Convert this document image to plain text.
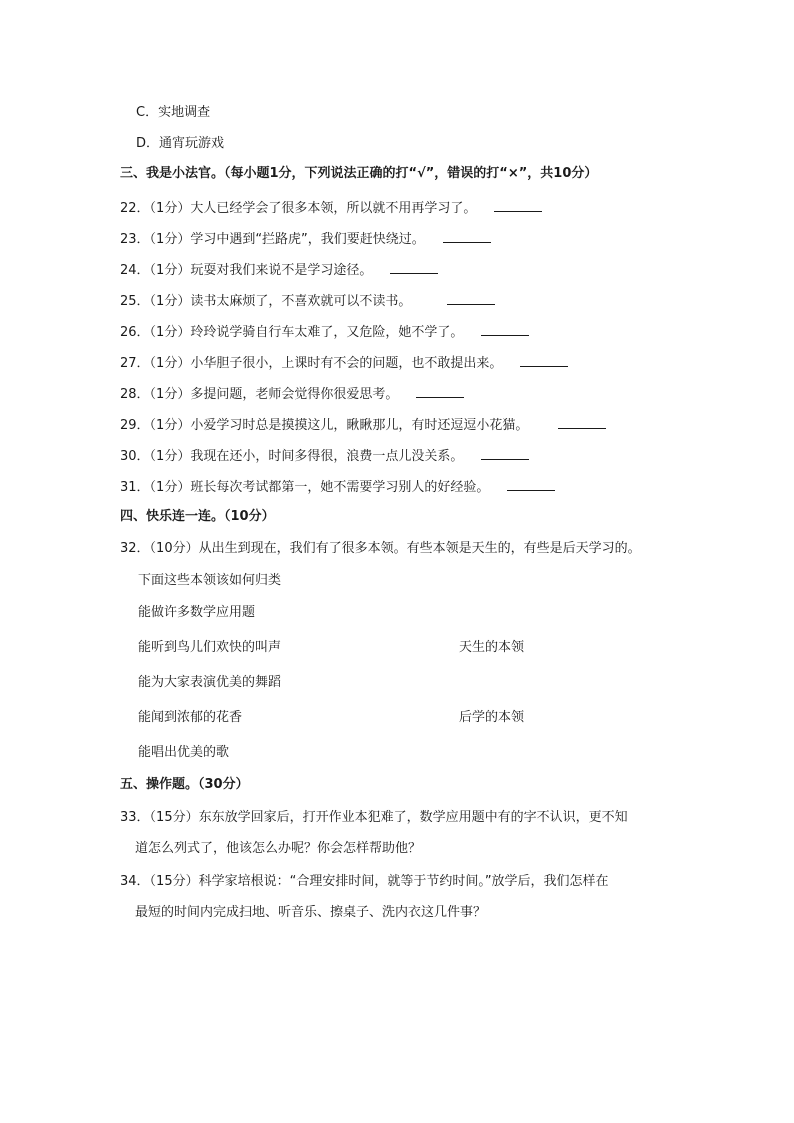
C．实地调查
D．通宵玩游戏
三、我是小法官。（每小题1分，下列说法正确的打“√”，错误的打“×”，共10分）
22．（1分）大人已经学会了很多本领，所以就不用再学习了。
23．（1分）学习中遇到“拦路虎”，我们要赶快绕过。
24．（1分）玩耍对我们来说不是学习途径。
25．（1分）读书太麻烦了，不喜欢就可以不读书。
26．（1分）玲玲说学骑自行车太难了，又危险，她不学了。
27．（1分）小华胆子很小，上课时有不会的问题，也不敢提出来。
28．（1分）多提问题，老师会觉得你很爱思考。
29．（1分）小爱学习时总是摸摸这儿，瞅瞅那儿，有时还逗逗小花猫。
30．（1分）我现在还小，时间多得很，浪费一点儿没关系。
31．（1分）班长每次考试都第一，她不需要学习别人的好经验。
四、快乐连一连。（10分）
32．（10分）从出生到现在，我们有了很多本领。有些本领是天生的，有些是后天学习的。
下面这些本领该如何归类
能做许多数学应用题
能听到鸟儿们欢快的叫声	天生的本领
能为大家表演优美的舞蹈
能闻到浓郁的花香	后学的本领
能唱出优美的歌
五、操作题。（30分）
33．（15分）东东放学回家后，打开作业本犯难了，数学应用题中有的字不认识，更不知
道怎么列式了，他该怎么办呢？你会怎样帮助他？
34．（15分）科学家培根说：“合理安排时间，就等于节约时间。”放学后，我们怎样在
最短的时间内完成扫地、听音乐、擦桌子、洗内衣这几件事？
